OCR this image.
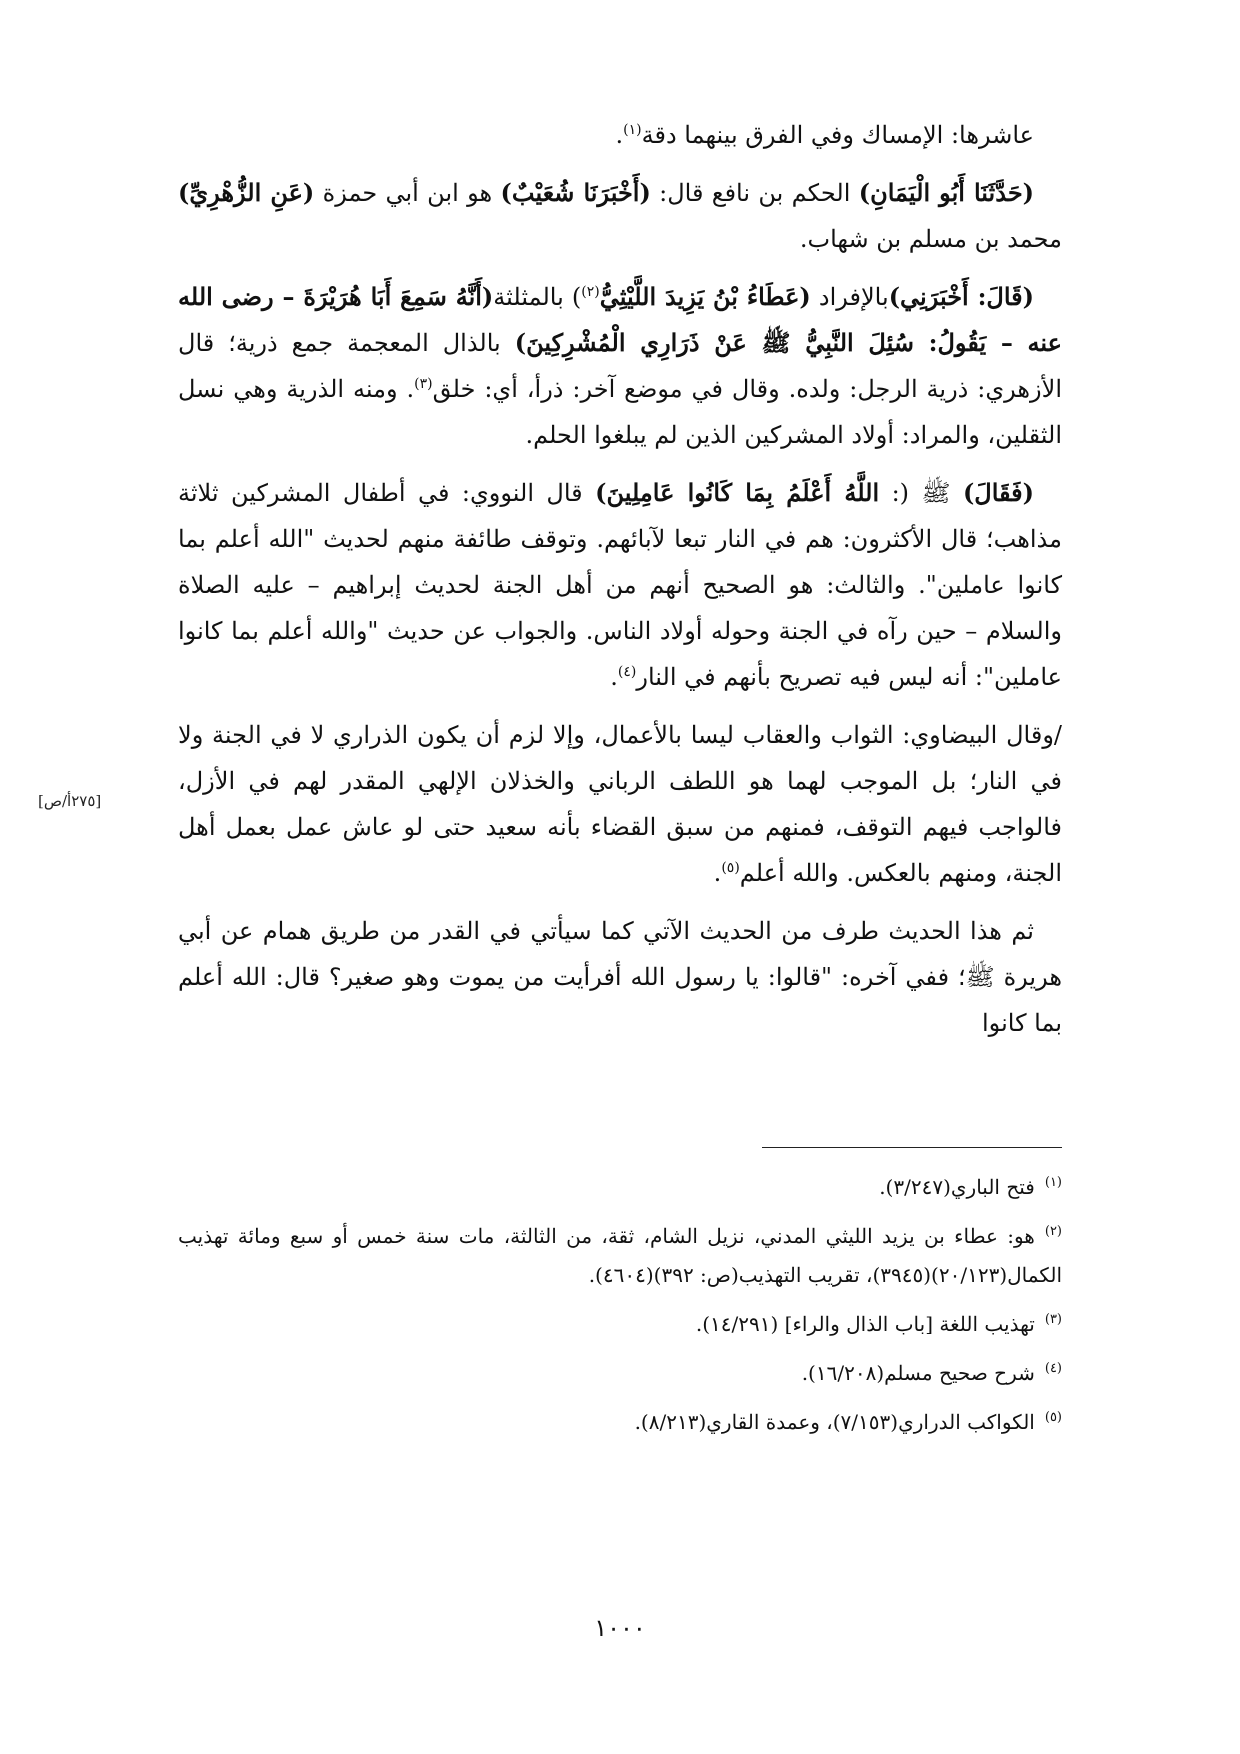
عاشرها: الإمساك وفي الفرق بينهما دقة$^{(١)}$.

(حَدَّثَنَا أَبُو الْيَمَانِ) الحكم بن نافع قال: (أَخْبَرَنَا شُعَيْبٌ) هو ابن أبي حمزة (عَنِ الزُّهْرِيِّ) محمد بن مسلم بن شهاب.

(قَالَ: أَخْبَرَنِي)بالإفراد (عَطَاءُ بْنُ يَزِيدَ اللَّيْثِيُّ$^{(٢)}$) بالمثلثة(أَنَّهُ سَمِعَ أَبَا هُرَيْرَةَ – رضى الله عنه – يَقُولُ: سُئِلَ النَّبِيُّ ﷺ عَنْ ذَرَارِي الْمُشْرِكِينَ) بالذال المعجمة جمع ذرية؛ قال الأزهري: ذرية الرجل: ولده. وقال في موضع آخر: ذرأ، أي: خلق$^{(٣)}$. ومنه الذرية وهي نسل الثقلين، والمراد: أولاد المشركين الذين لم يبلغوا الحلم.

(فَقَالَ) ﷺ (: اللَّهُ أَعْلَمُ بِمَا كَانُوا عَامِلِينَ) قال النووي: في أطفال المشركين ثلاثة مذاهب؛ قال الأكثرون: هم في النار تبعا لآبائهم. وتوقف طائفة منهم لحديث "الله أعلم بما كانوا عاملين". والثالث: هو الصحيح أنهم من أهل الجنة لحديث إبراهيم – عليه الصلاة والسلام – حين رآه في الجنة وحوله أولاد الناس. والجواب عن حديث "والله أعلم بما كانوا عاملين": أنه ليس فيه تصريح بأنهم في النار$^{(٤)}$.

/وقال البيضاوي: الثواب والعقاب ليسا بالأعمال، وإلا لزم أن يكون الذراري لا في الجنة ولا في النار؛ بل الموجب لهما هو اللطف الرباني والخذلان الإلهي المقدر لهم في الأزل، فالواجب فيهم التوقف، فمنهم من سبق القضاء بأنه سعيد حتى لو عاش عمل بعمل أهل الجنة، ومنهم بالعكس. والله أعلم$^{(٥)}$.

ثم هذا الحديث طرف من الحديث الآتي كما سيأتي في القدر من طريق همام عن أبي هريرة ﷺ؛ ففي آخره: "قالوا: يا رسول الله أفرأيت من يموت وهو صغير؟ قال: الله أعلم بما كانوا

[٢٧٥أ/ص]
$^{(١)}$فتح الباري(٣/٢٤٧).
$^{(٢)}$هو: عطاء بن يزيد الليثي المدني، نزيل الشام، ثقة، من الثالثة، مات سنة خمس أو سبع ومائة تهذيب الكمال(٢٠/١٢٣)(٣٩٤٥)، تقريب التهذيب(ص: ٣٩٢)(٤٦٠٤).
$^{(٣)}$تهذيب اللغة [باب الذال والراء] (١٤/٢٩١).
$^{(٤)}$شرح صحيح مسلم(١٦/٢٠٨).
$^{(٥)}$الكواكب الدراري(٧/١٥٣)، وعمدة القاري(٨/٢١٣).
١٠٠٠
